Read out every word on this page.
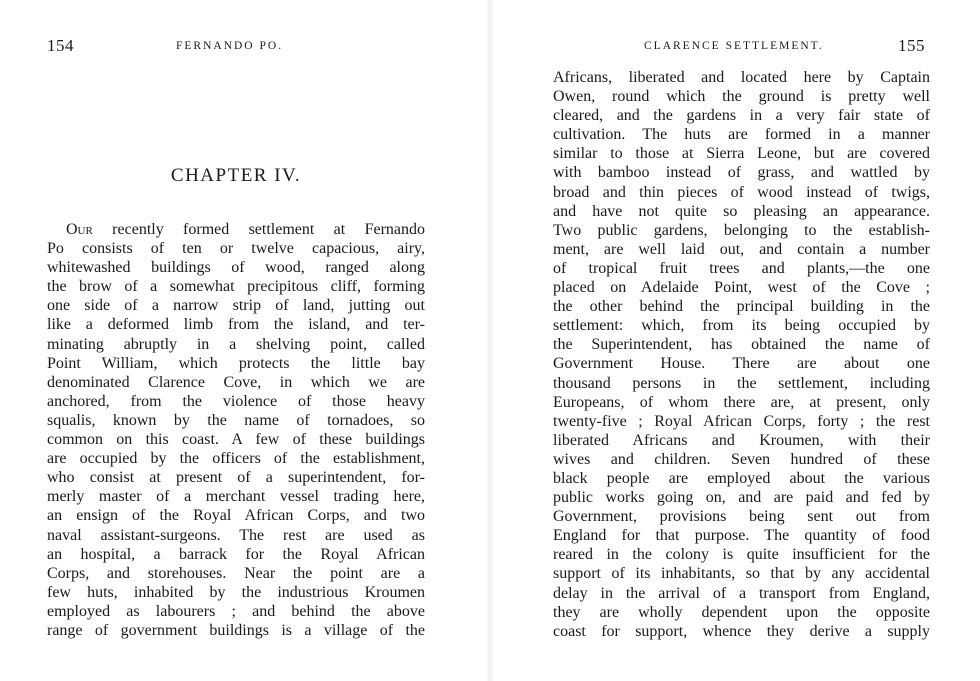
154	FERNANDO PO.
CHAPTER IV.
Our recently formed settlement at Fernando
Po consists of ten or twelve capacious, airy,
whitewashed buildings of wood, ranged along
the brow of a somewhat precipitous cliff, forming
one side of a narrow strip of land, jutting out
like a deformed limb from the island, and ter-
minating abruptly in a shelving point, called
Point William, which protects the little bay
denominated Clarence Cove, in which we are
anchored, from the violence of those heavy
squalis, known by the name of tornadoes, so
common on this coast. A few of these buildings
are occupied by the officers of the establishment,
who consist at present of a superintendent, for-
merly master of a merchant vessel trading here,
an ensign of the Royal African Corps, and two
naval assistant-surgeons. The rest are used as
an hospital, a barrack for the Royal African
Corps, and storehouses. Near the point are a
few huts, inhabited by the industrious Kroumen
employed as labourers ; and behind the above
range of government buildings is a village of the
CLARENCE SETTLEMENT.	155
Africans, liberated and located here by Captain
Owen, round which the ground is pretty well
cleared, and the gardens in a very fair state of
cultivation. The huts are formed in a manner
similar to those at Sierra Leone, but are covered
with bamboo instead of grass, and wattled by
broad and thin pieces of wood instead of twigs,
and have not quite so pleasing an appearance.
Two public gardens, belonging to the establish-
ment, are well laid out, and contain a number
of tropical fruit trees and plants,—the one
placed on Adelaide Point, west of the Cove ;
the other behind the principal building in the
settlement: which, from its being occupied by
the Superintendent, has obtained the name of
Government House. There are about one
thousand persons in the settlement, including
Europeans, of whom there are, at present, only
twenty-five ; Royal African Corps, forty ; the rest
liberated Africans and Kroumen, with their
wives and children. Seven hundred of these
black people are employed about the various
public works going on, and are paid and fed by
Government, provisions being sent out from
England for that purpose. The quantity of food
reared in the colony is quite insufficient for the
support of its inhabitants, so that by any accidental
delay in the arrival of a transport from England,
they are wholly dependent upon the opposite
coast for support, whence they derive a supply
